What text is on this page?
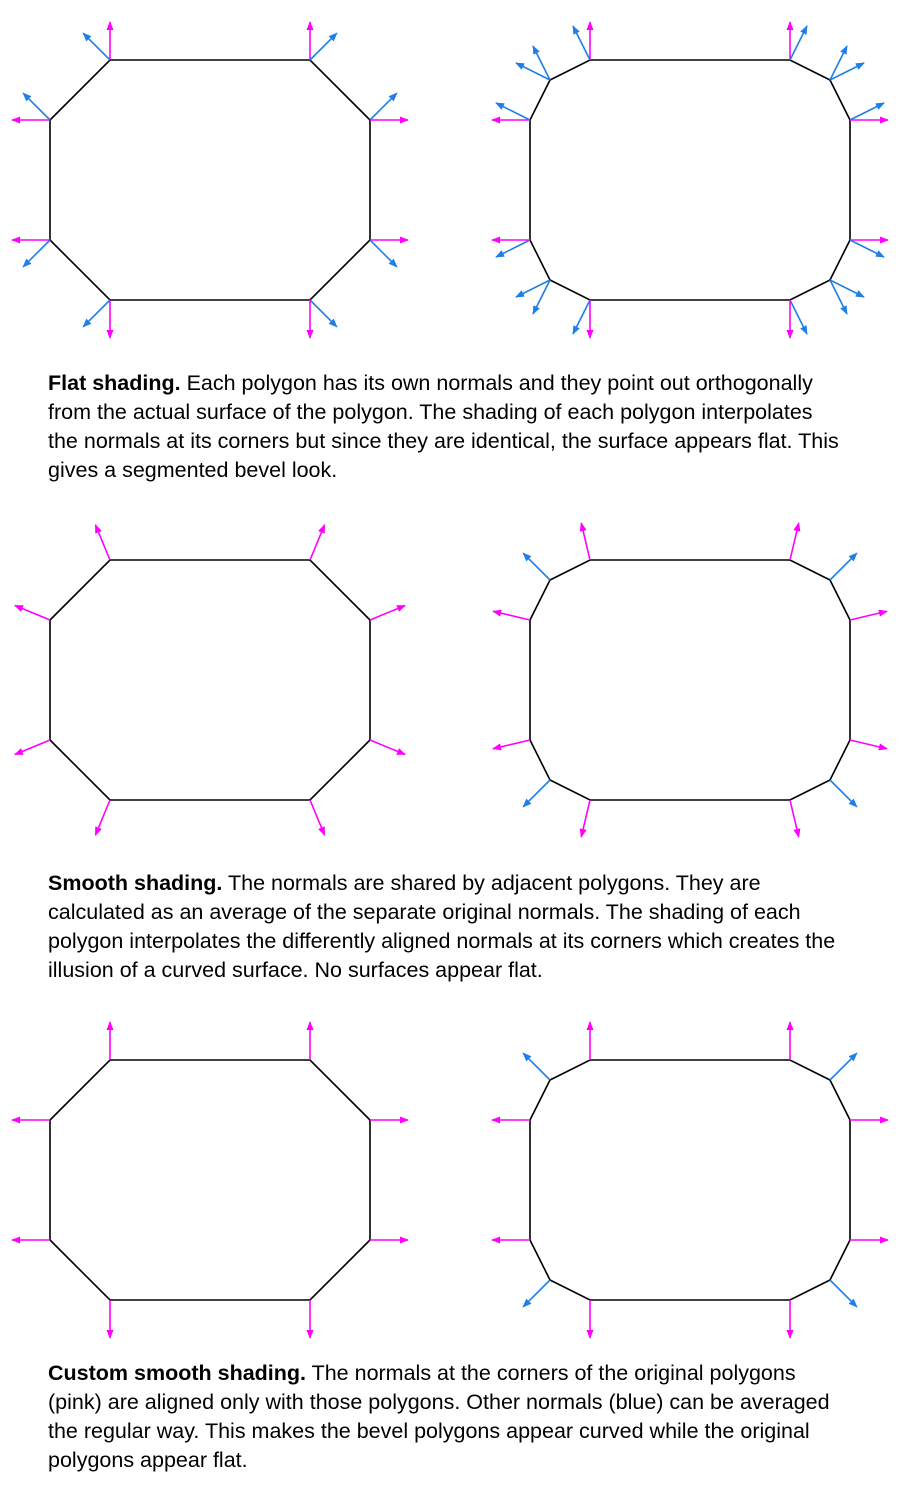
Flat shading. Each polygon has its own normals and they point out orthogonally from the actual surface of the polygon. The shading of each polygon interpolates the normals at its corners but since they are identical, the surface appears flat. This gives a segmented bevel look.

Smooth shading. The normals are shared by adjacent polygons. They are calculated as an average of the separate original normals. The shading of each polygon interpolates the differently aligned normals at its corners which creates the illusion of a curved surface. No surfaces appear flat.

Custom smooth shading. The normals at the corners of the original polygons (pink) are aligned only with those polygons. Other normals (blue) can be averaged the regular way. This makes the bevel polygons appear curved while the original polygons appear flat.
